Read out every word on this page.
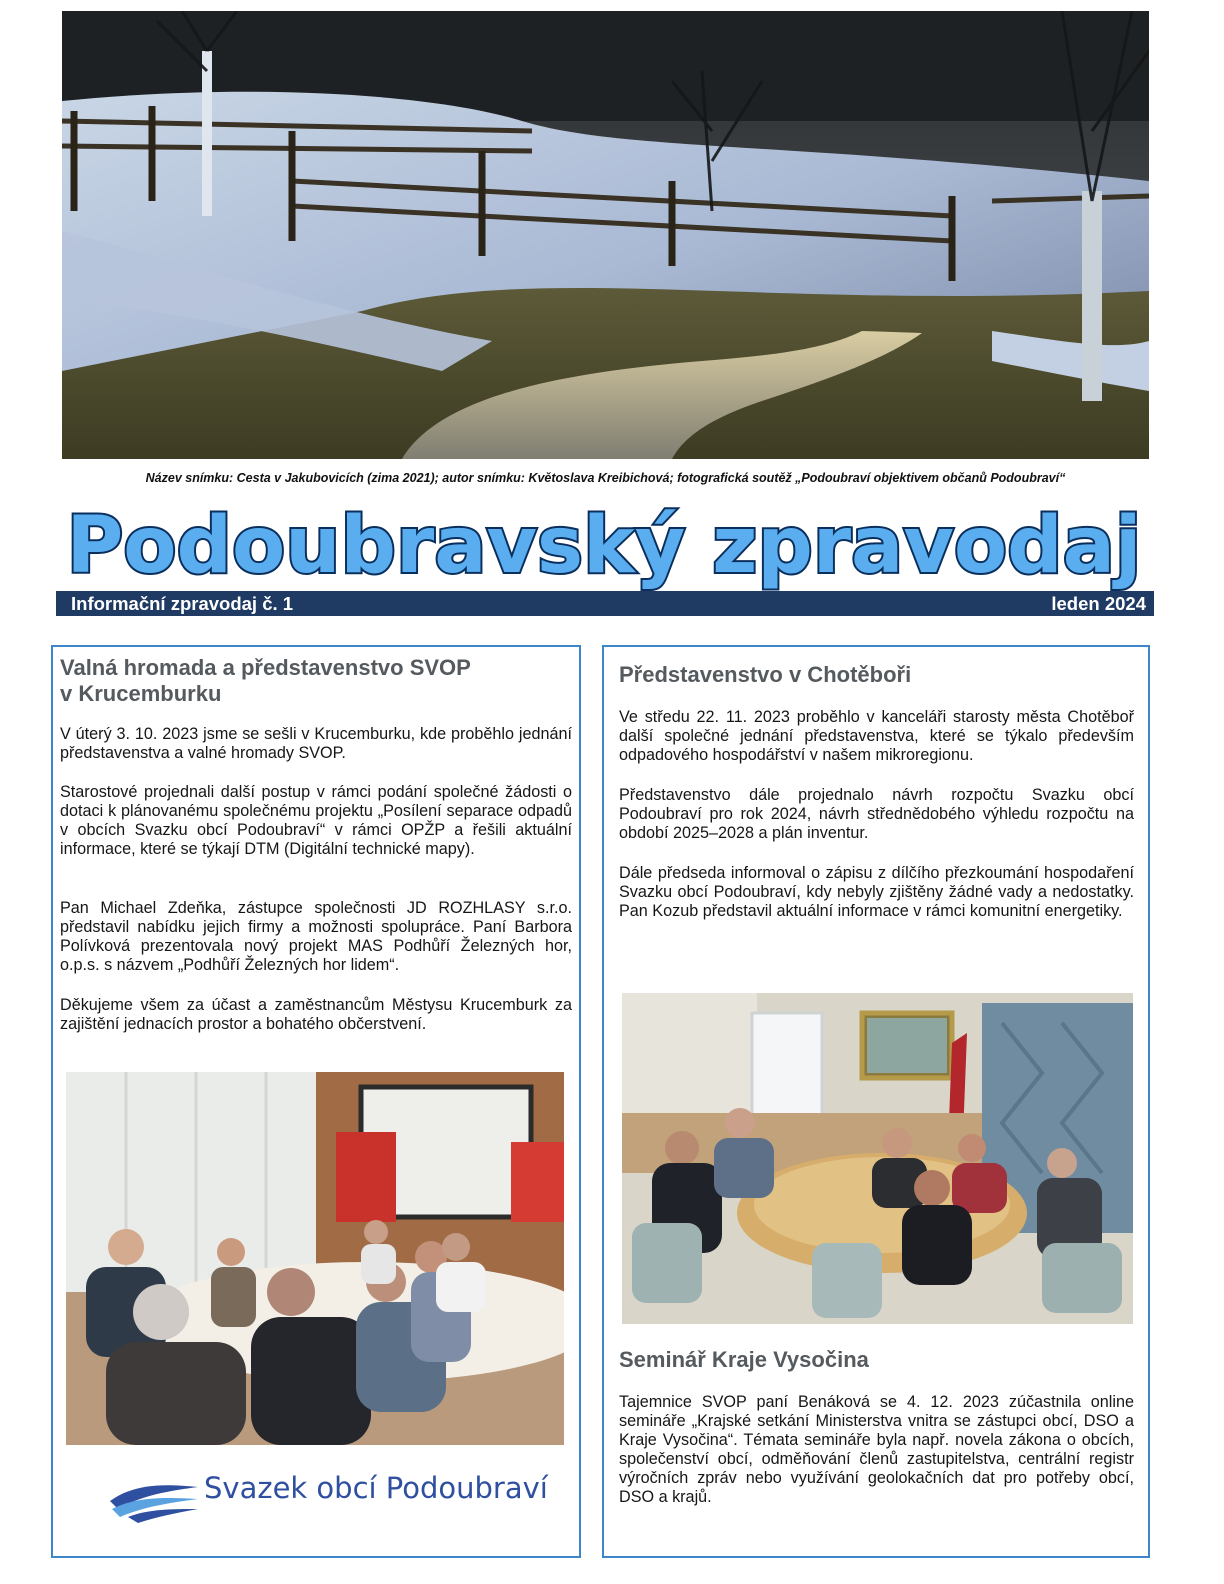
Název snímku: Cesta v Jakubovicích (zima 2021); autor snímku: Květoslava Kreibichová; fotografická soutěž „Podoubraví objektivem občanů Podoubraví“
Podoubravský zpravodaj
Informační zpravodaj č. 1	leden 2024
Valná hromada a představenstvo SVOP
v Krucemburku
V úterý 3. 10. 2023 jsme se sešli v Krucemburku, kde proběhlo jednání představenstva a valné hromady SVOP.
Starostové projednali další postup v rámci podání společné žádosti o dotaci k plánovanému společnému projektu „Posílení separace odpadů v obcích Svazku obcí Podoubraví“ v rámci OPŽP a řešili aktuální informace, které se týkají DTM (Digitální technické mapy).
Pan Michael Zdeňka, zástupce společnosti JD ROZHLASY s.r.o. představil nabídku jejich firmy a možnosti spolupráce. Paní Barbora Polívková prezentovala nový projekt MAS Podhůří Železných hor, o.p.s. s názvem „Podhůří Železných hor lidem“.
Děkujeme všem za účast a zaměstnancům Městysu Krucemburk za zajištění jednacích prostor a bohatého občerstvení.
Svazek obcí Podoubraví
Představenstvo v Chotěboři
Ve středu 22. 11. 2023 proběhlo v kanceláři starosty města Chotěboř další společné jednání představenstva, které se týkalo především odpadového hospodářství v našem mikroregionu.
Představenstvo dále projednalo návrh rozpočtu Svazku obcí Podoubraví pro rok 2024, návrh střednědobého výhledu rozpočtu na období 2025–2028 a plán inventur.
Dále předseda informoval o zápisu z dílčího přezkoumání hospodaření Svazku obcí Podoubraví, kdy nebyly zjištěny žádné vady a nedostatky. Pan Kozub představil aktuální informace v rámci komunitní energetiky.
Seminář Kraje Vysočina
Tajemnice SVOP paní Benáková se 4. 12. 2023 zúčastnila online semináře „Krajské setkání Ministerstva vnitra se zástupci obcí, DSO a Kraje Vysočina“. Témata semináře byla např. novela zákona o obcích, společenství obcí, odměňování členů zastupitelstva, centrální registr výročních zpráv nebo využívání geolokačních dat pro potřeby obcí, DSO a krajů.
